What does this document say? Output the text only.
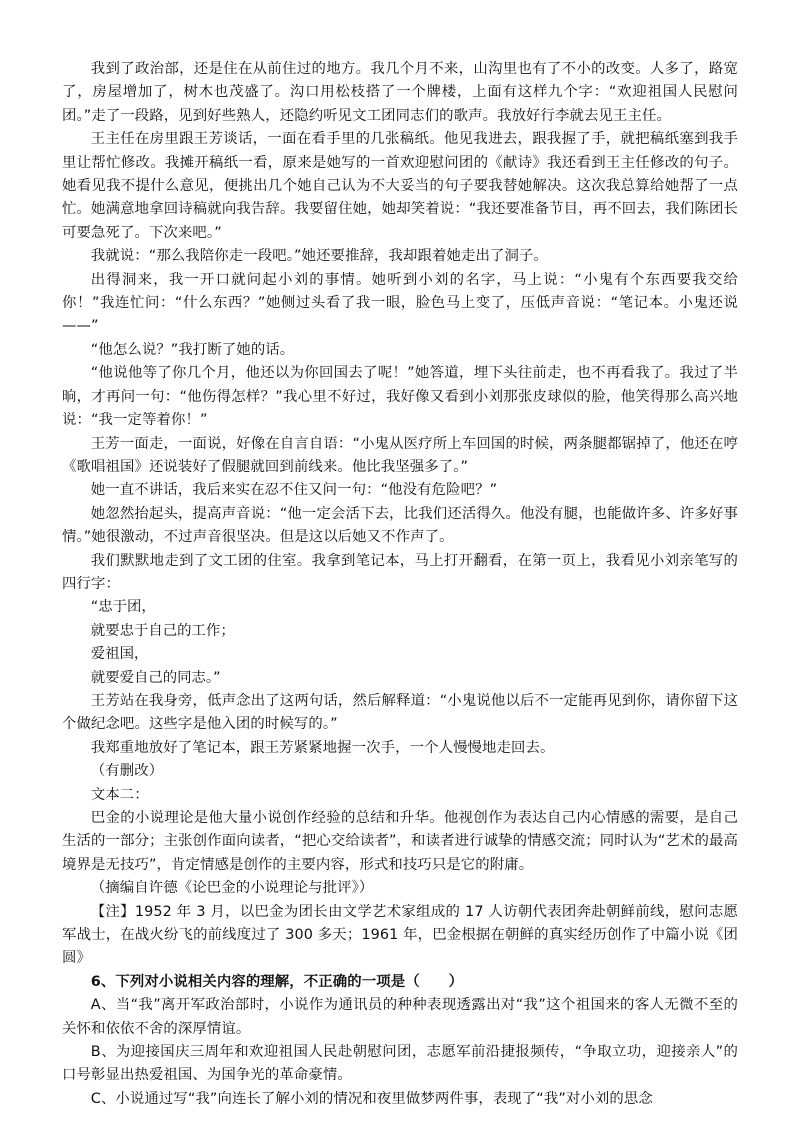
我到了政治部，还是住在从前住过的地方。我几个月不来，山沟里也有了不小的改变。人多了，路宽了，房屋增加了，树木也茂盛了。沟口用松枝搭了一个牌楼，上面有这样九个字：“欢迎祖国人民慰问团。”走了一段路，见到好些熟人，还隐约听见文工团同志们的歌声。我放好行李就去见王主任。

王主任在房里跟王芳谈话，一面在看手里的几张稿纸。他见我进去，跟我握了手，就把稿纸塞到我手里让帮忙修改。我摊开稿纸一看，原来是她写的一首欢迎慰问团的《献诗》我还看到王主任修改的句子。她看见我不提什么意见，便挑出几个她自己认为不大妥当的句子要我替她解决。这次我总算给她帮了一点忙。她满意地拿回诗稿就向我告辞。我要留住她，她却笑着说：“我还要准备节目，再不回去，我们陈团长可要急死了。下次来吧。”

我就说：“那么我陪你走一段吧。”她还要推辞，我却跟着她走出了洞子。

出得洞来，我一开口就问起小刘的事情。她听到小刘的名字，马上说：“小鬼有个东西要我交给你！”我连忙问：“什么东西？”她侧过头看了我一眼，脸色马上变了，压低声音说：“笔记本。小鬼还说——”

“他怎么说？”我打断了她的话。

“他说他等了你几个月，他还以为你回国去了呢！”她答道，埋下头往前走，也不再看我了。我过了半晌，才再问一句：“他伤得怎样？”我心里不好过，我好像又看到小刘那张皮球似的脸，他笑得那么高兴地说：“我一定等着你！”

王芳一面走，一面说，好像在自言自语：“小鬼从医疗所上车回国的时候，两条腿都锯掉了，他还在哼《歌唱祖国》还说装好了假腿就回到前线来。他比我坚强多了。”

她一直不讲话，我后来实在忍不住又问一句：“他没有危险吧？”

她忽然抬起头，提高声音说：“他一定会活下去，比我们还活得久。他没有腿，也能做许多、许多好事情。”她很激动，不过声音很坚决。但是这以后她又不作声了。

我们默默地走到了文工团的住室。我拿到笔记本，马上打开翻看，在第一页上，我看见小刘亲笔写的四行字：

“忠于团，

就要忠于自己的工作；

爱祖国，

就要爱自己的同志。”

王芳站在我身旁，低声念出了这两句话，然后解释道：“小鬼说他以后不一定能再见到你，请你留下这个做纪念吧。这些字是他入团的时候写的。”

我郑重地放好了笔记本，跟王芳紧紧地握一次手，一个人慢慢地走回去。

（有删改）

文本二：

巴金的小说理论是他大量小说创作经验的总结和升华。他视创作为表达自己内心情感的需要，是自己生活的一部分；主张创作面向读者，“把心交给读者”，和读者进行诚挚的情感交流；同时认为“艺术的最高境界是无技巧”，肯定情感是创作的主要内容，形式和技巧只是它的附庸。

（摘编自许德《论巴金的小说理论与批评》）

【注】1952 年 3 月，以巴金为团长由文学艺术家组成的 17 人访朝代表团奔赴朝鲜前线，慰问志愿军战士，在战火纷飞的前线度过了 300 多天；1961 年，巴金根据在朝鲜的真实经历创作了中篇小说《团圆》

6、下列对小说相关内容的理解，不正确的一项是（　　）

A、当“我”离开军政治部时，小说作为通讯员的种种表现透露出对“我”这个祖国来的客人无微不至的关怀和依依不舍的深厚情谊。

B、为迎接国庆三周年和欢迎祖国人民赴朝慰问团，志愿军前沿捷报频传，“争取立功，迎接亲人”的口号彰显出热爱祖国、为国争光的革命豪情。

C、小说通过写“我”向连长了解小刘的情况和夜里做梦两件事，表现了“我”对小刘的思念
